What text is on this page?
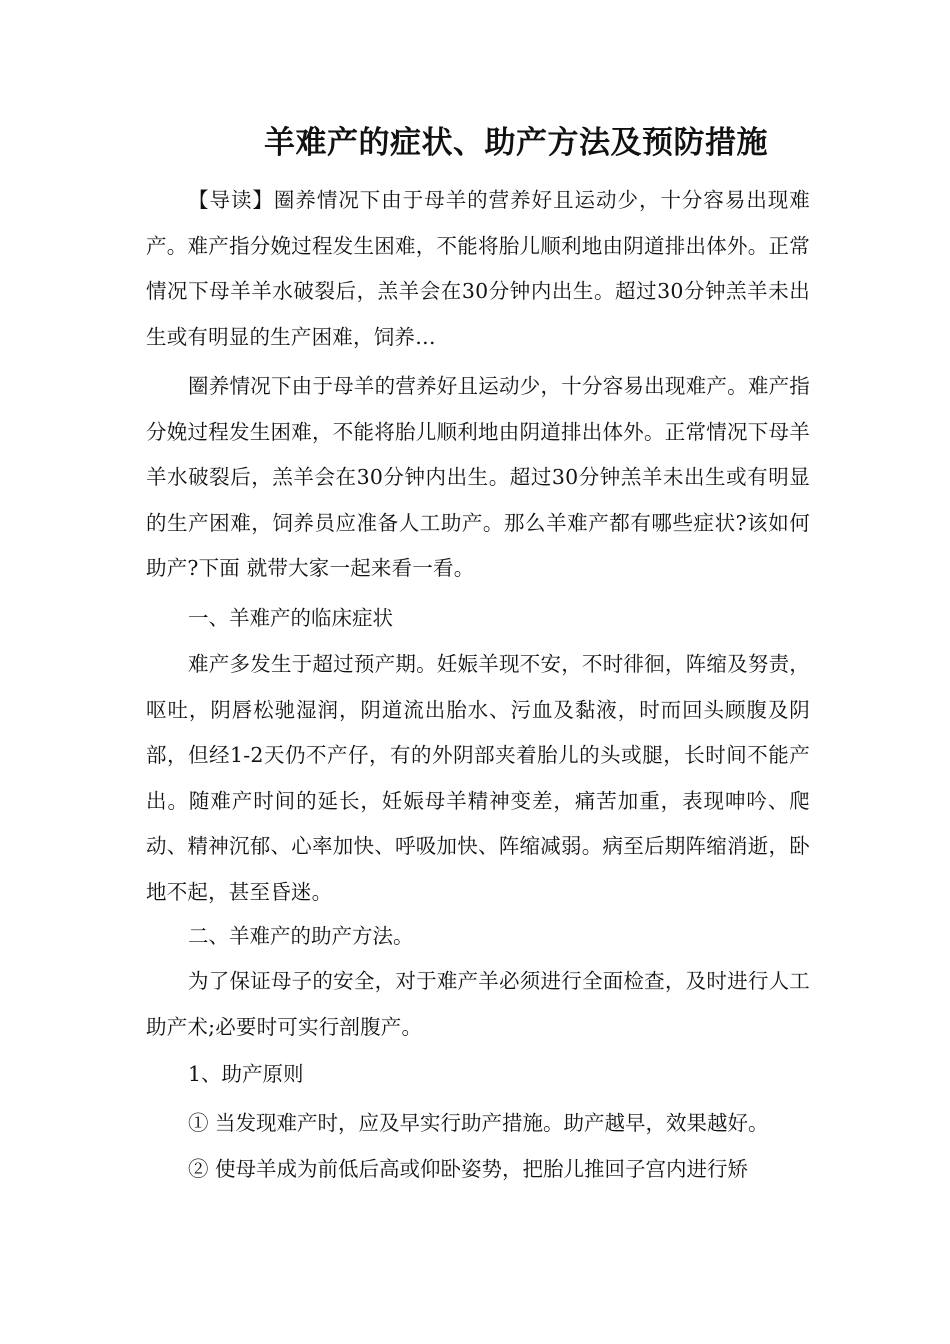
羊难产的症状、助产方法及预防措施
【导读】圈养情况下由于母羊的营养好且运动少，十分容易出现难产。难产指分娩过程发生困难，不能将胎儿顺利地由阴道排出体外。正常情况下母羊羊水破裂后，羔羊会在30分钟内出生。超过30分钟羔羊未出生或有明显的生产困难，饲养…
圈养情况下由于母羊的营养好且运动少，十分容易出现难产。难产指分娩过程发生困难，不能将胎儿顺利地由阴道排出体外。正常情况下母羊羊水破裂后，羔羊会在30分钟内出生。超过30分钟羔羊未出生或有明显的生产困难，饲养员应准备人工助产。那么羊难产都有哪些症状?该如何助产?下面 就带大家一起来看一看。
一、羊难产的临床症状
难产多发生于超过预产期。妊娠羊现不安，不时徘徊，阵缩及努责，呕吐，阴唇松驰湿润，阴道流出胎水、污血及黏液，时而回头顾腹及阴部，但经1-2天仍不产仔，有的外阴部夹着胎儿的头或腿，长时间不能产出。随难产时间的延长，妊娠母羊精神变差，痛苦加重，表现呻吟、爬动、精神沉郁、心率加快、呼吸加快、阵缩减弱。病至后期阵缩消逝，卧地不起，甚至昏迷。
二、羊难产的助产方法。
为了保证母子的安全，对于难产羊必须进行全面检查，及时进行人工助产术;必要时可实行剖腹产。
1、助产原则
① 当发现难产时，应及早实行助产措施。助产越早，效果越好。
② 使母羊成为前低后高或仰卧姿势，把胎儿推回子宫内进行矫
